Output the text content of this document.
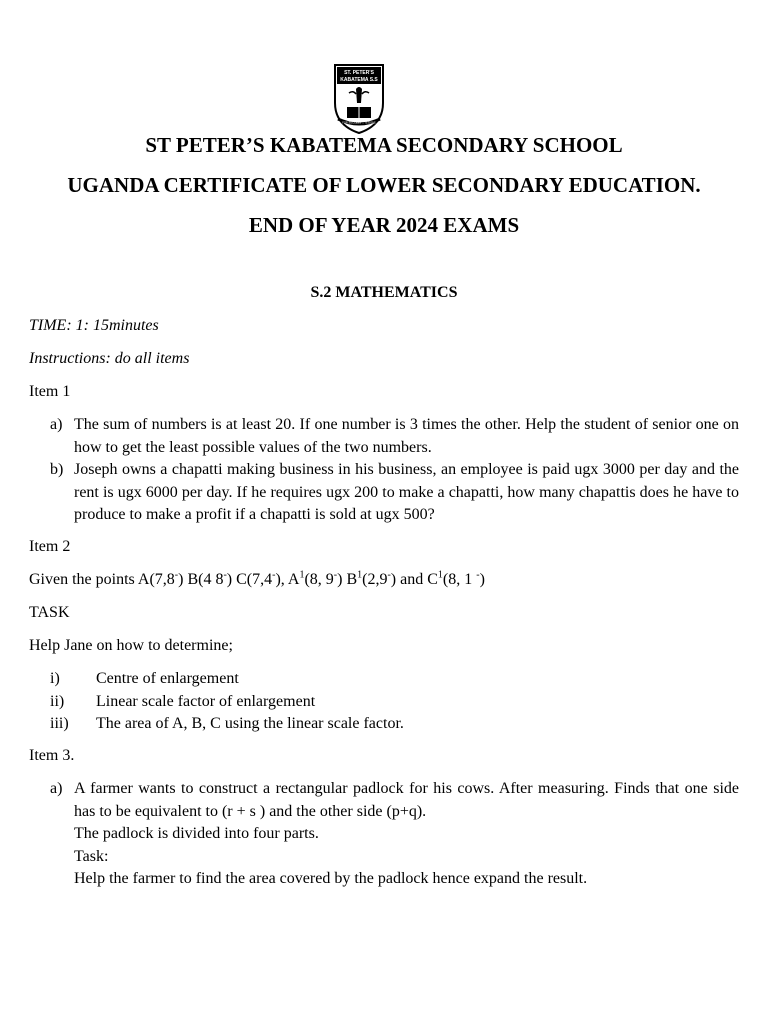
ST. PETER'S
KABATEMA S.S
FOR SUCCESS … IS DONE
ST PETER’S KABATEMA SECONDARY SCHOOL
UGANDA CERTIFICATE OF LOWER SECONDARY EDUCATION.
END OF YEAR 2024 EXAMS
S.2 MATHEMATICS
TIME: 1: 15minutes
Instructions: do all items
Item 1
a) The sum of numbers is at least 20. If one number is 3 times the other. Help the student of senior one on how to get the least possible values of the two numbers.
b) Joseph owns a chapatti making business in his business, an employee is paid ugx 3000 per day and the rent is ugx 6000 per day. If he requires ugx 200 to make a chapatti, how many chapattis does he have to produce to make a profit if a chapatti is sold at ugx 500?
Item 2
Given the points A(7,8-) B(4 8-) C(7,4-), $A^1(8$, 9-) $B^1(2,9^-)$ and $C^1(8$, 1 -)
TASK
Help Jane on how to determine;
i) Centre of enlargement
ii) Linear scale factor of enlargement
iii) The area of A, B, C using the linear scale factor.
Item 3.
a) A farmer wants to construct a rectangular padlock for his cows. After measuring. Finds that one side has to be equivalent to (r + s ) and the other side (p+q).
The padlock is divided into four parts.
Task:
Help the farmer to find the area covered by the padlock hence expand the result.
